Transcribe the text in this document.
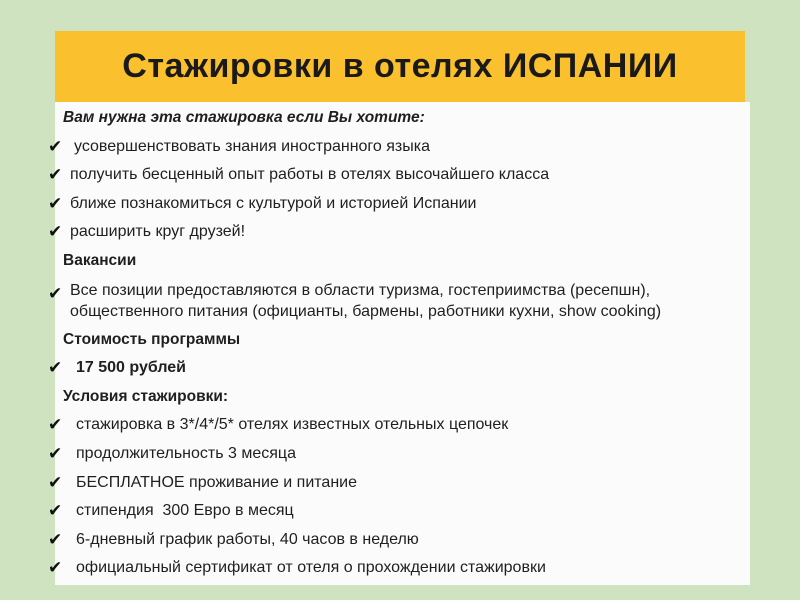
Стажировки в отелях ИСПАНИИ
Вам нужна эта стажировка если Вы хотите:
✔ усовершенствовать знания иностранного языка
✔ получить бесценный опыт работы в отелях высочайшего класса
✔ ближе познакомиться с культурой и историей Испании
✔ расширить круг друзей!
Вакансии
✔ Все позиции предоставляются в области туризма, гостеприимства (ресепшн), общественного питания (официанты, бармены, работники кухни, show cooking)
Стоимость программы
✔ 17 500 рублей
Условия стажировки:
✔ стажировка в 3*/4*/5* отелях известных отельных цепочек
✔ продолжительность 3 месяца
✔ БЕСПЛАТНОЕ проживание и питание
✔ стипендия  300 Евро в месяц
✔ 6-дневный график работы, 40 часов в неделю
✔ официальный сертификат от отеля о прохождении стажировки
